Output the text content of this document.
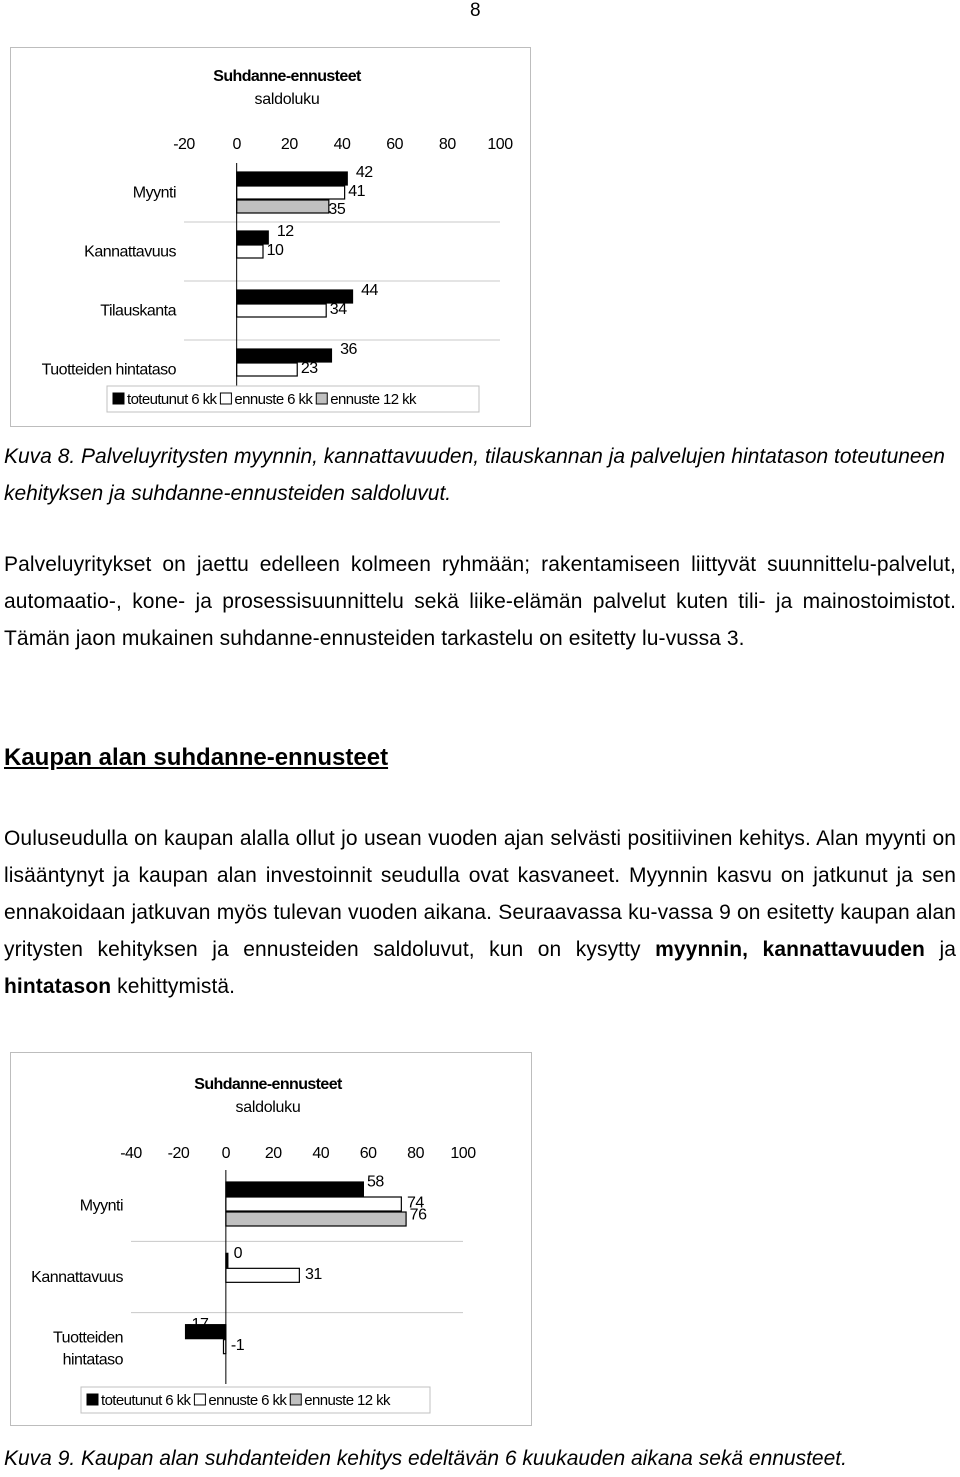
8
Suhdanne-ennusteet
saldoluku
-20 0	20 40 60 80 100
Myynti
42
41
35
Kannattavuus
12
10
Tilauskanta
44
34
Tuotteiden hintataso
36
23
toteutunut 6 kk ennuste 6 kk ennuste 12 kk

Kuva 8. Palveluyritysten myynnin, kannattavuuden, tilauskannan ja palvelujen hintatason toteutuneen kehityksen ja suhdanne-ennusteiden saldoluvut.

Palveluyritykset on jaettu edelleen kolmeen ryhmään; rakentamiseen liittyvät suunnittelu-palvelut, automaatio-, kone- ja prosessisuunnittelu sekä liike-elämän palvelut kuten tili- ja mainostoimistot. Tämän jaon mukainen suhdanne-ennusteiden tarkastelu on esitetty lu-vussa 3.

Kaupan alan suhdanne-ennusteet

Ouluseudulla on kaupan alalla ollut jo usean vuoden ajan selvästi positiivinen kehitys. Alan myynti on lisääntynyt ja kaupan alan investoinnit seudulla ovat kasvaneet. Myynnin kasvu on jatkunut ja sen ennakoidaan jatkuvan myös tulevan vuoden aikana. Seuraavassa ku-vassa 9 on esitetty kaupan alan yritysten kehityksen ja ennusteiden saldoluvut, kun on kysytty myynnin, kannattavuuden ja hintatason kehittymistä.

Suhdanne-ennusteet
saldoluku
-40 -20 0 20 40 60 80 100
Myynti
58
74
76
Kannattavuus
0
31
Tuotteiden
hintataso
-17
-1
toteutunut 6 kk ennuste 6 kk ennuste 12 kk

Kuva 9. Kaupan alan suhdanteiden kehitys edeltävän 6 kuukauden aikana sekä ennusteet.
